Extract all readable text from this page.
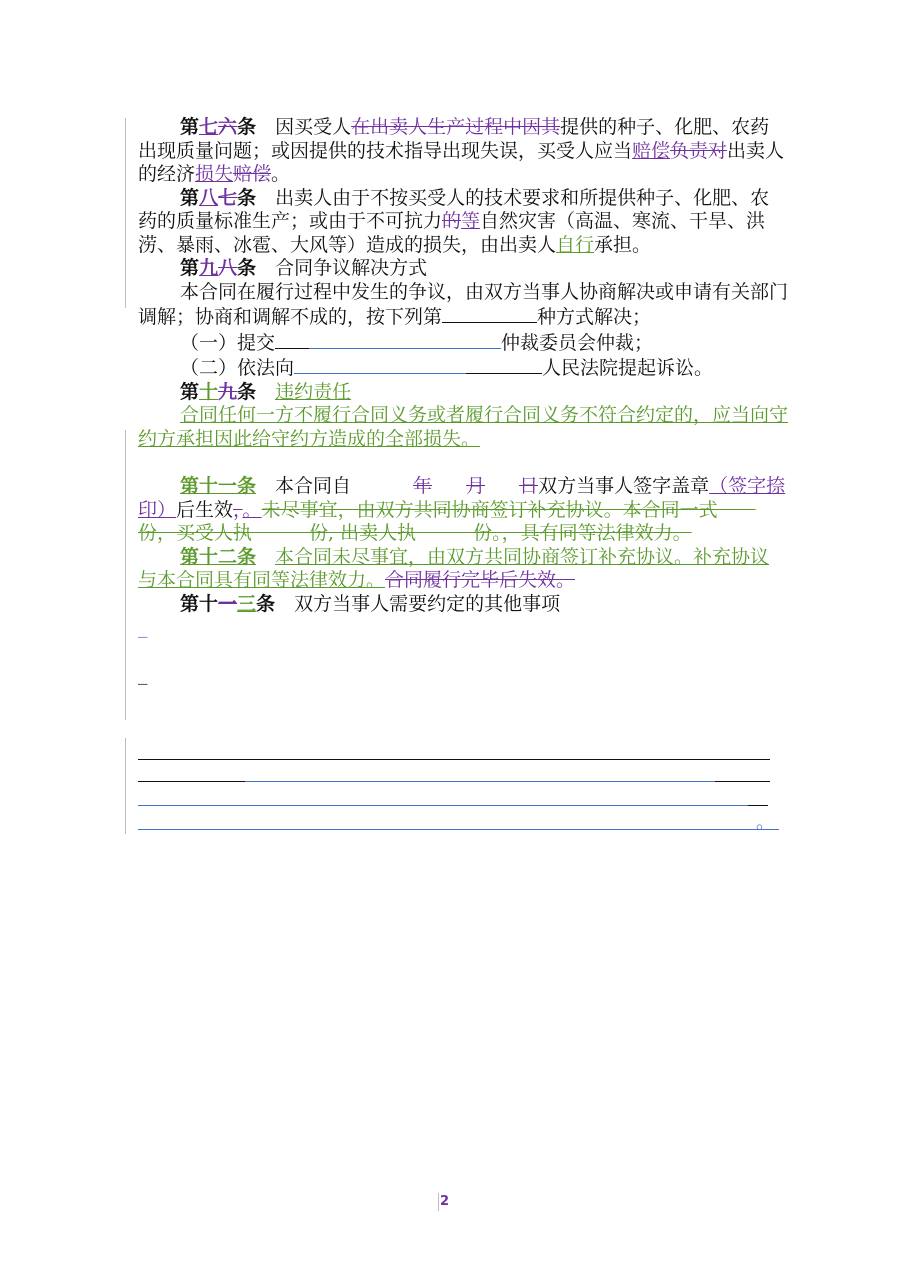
第七六条　因买受人在出卖人生产过程中因其提供的种子、化肥、农药出现质量问题；或因提供的技术指导出现失误，买受人应当赔偿负责对出卖人的经济损失赔偿。

第八七条　出卖人由于不按买受人的技术要求和所提供种子、化肥、农药的质量标准生产；或由于不可抗力的等自然灾害（高温、寒流、干旱、洪涝、暴雨、冰雹、大风等）造成的损失，由出卖人自行承担。

第九八条　合同争议解决方式

本合同在履行过程中发生的争议，由双方当事人协商解决或申请有关部门调解；协商和调解不成的，按下列第	种方式解决；

（一）提交	仲裁委员会仲裁；

（二）依法向	人民法院提起诉讼。

第十九条　 违约责任

合同任何一方不履行合同义务或者履行合同义务不符合约定的，应当向守约方承担因此给守约方造成的全部损失。

第十一条　 本合同自	年 月 日双方当事人签字盖章（签字捺印）后生效，。未尽事宜，由双方共同协商签订补充协议。本合同一式　　份，买受人执　　　份, 出卖人执　　　份。，具有同等法律效力。

第十二条　 本合同未尽事宜，由双方共同协商签订补充协议。补充协议与本合同具有同等法律效力。合同履行完毕后失效。

第十一三条　双方当事人需要约定的其他事项

_

_

。
2
